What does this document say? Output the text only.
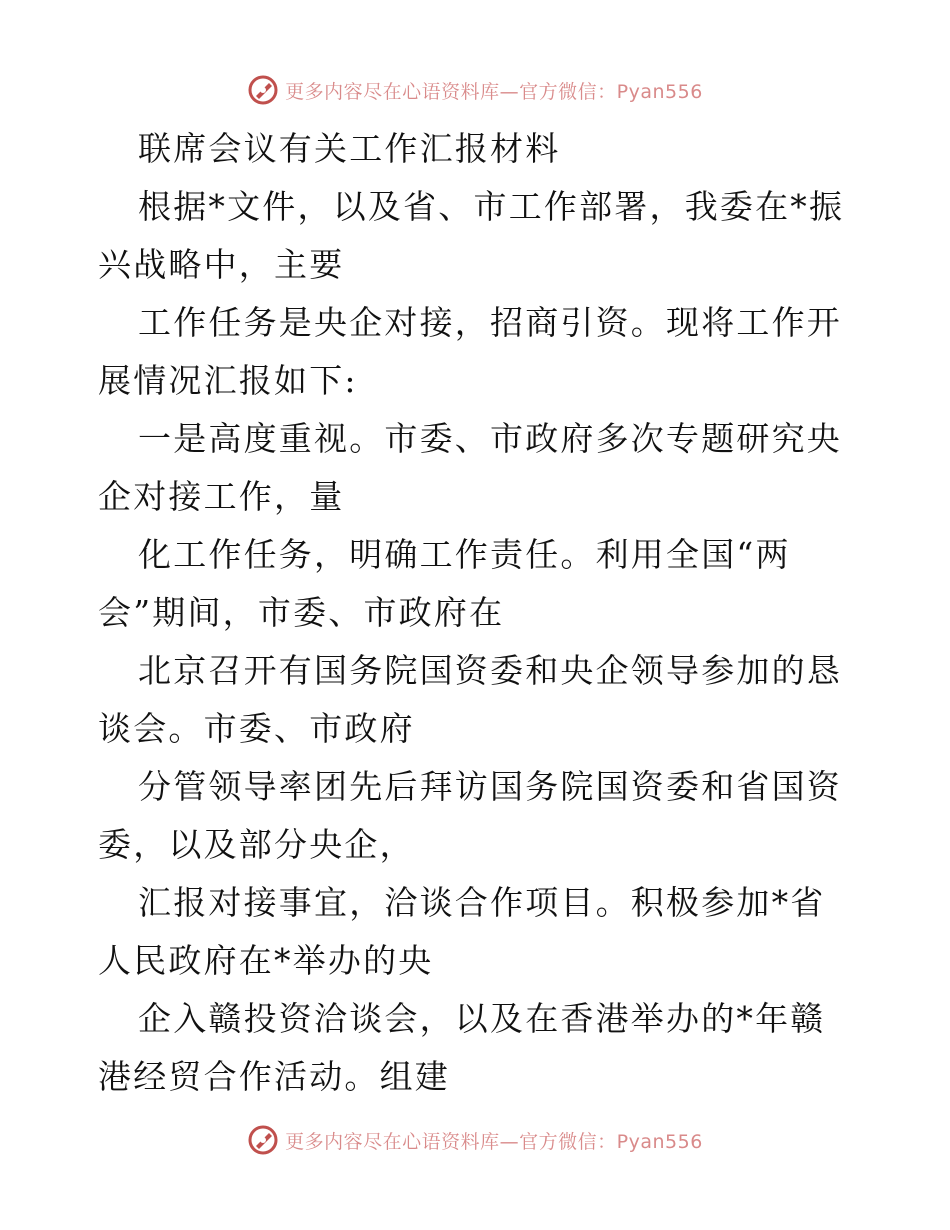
更多内容尽在心语资料库—官方微信：Pyan556

联席会议有关工作汇报材料

根据*文件，以及省、市工作部署，我委在*振兴战略中，主要

工作任务是央企对接，招商引资。现将工作开展情况汇报如下:

一是高度重视。市委、市政府多次专题研究央企对接工作，量

化工作任务，明确工作责任。利用全国“两会”期间，市委、市政府在

北京召开有国务院国资委和央企领导参加的恳谈会。市委、市政府

分管领导率团先后拜访国务院国资委和省国资委，以及部分央企，

汇报对接事宜，洽谈合作项目。积极参加*省人民政府在*举办的央

企入赣投资洽谈会，以及在香港举办的*年赣港经贸合作活动。组建

更多内容尽在心语资料库—官方微信：Pyan556
